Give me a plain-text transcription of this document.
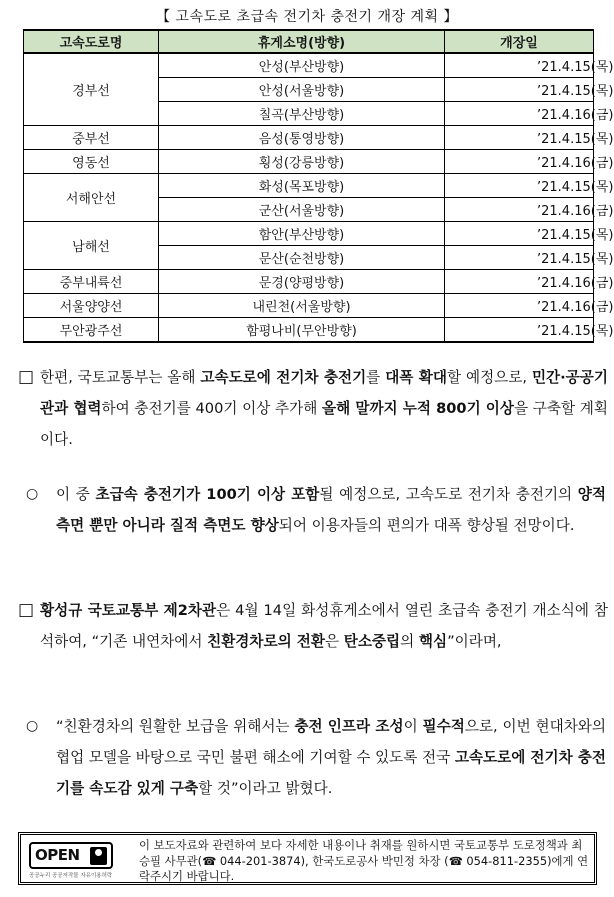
【 고속도로 초급속 전기차 충전기 개장 계획 】
고속도로명	휴게소명(방향)	개장일
경부선	안성(부산방향)	’21.4.15(목)
	안성(서울방향)	’21.4.15(목)
	칠곡(부산방향)	’21.4.16(금)
중부선	음성(통영방향)	’21.4.15(목)
영동선	횡성(강릉방향)	’21.4.16(금)
서해안선	화성(목포방향)	’21.4.15(목)
	군산(서울방향)	’21.4.16(금)
남해선	함안(부산방향)	’21.4.15(목)
	문산(순천방향)	’21.4.15(목)
중부내륙선	문경(양평방향)	’21.4.16(금)
서울양양선	내린천(서울방향)	’21.4.16(금)
무안광주선	함평나비(무안방향)	’21.4.15(목)
□ 한편, 국토교통부는 올해 고속도로에 전기차 충전기를 대폭 확대할 예정으로, 민간·공공기관과 협력하여 충전기를 400기 이상 추가해 올해 말까지 누적 800기 이상을 구축할 계획이다.
○	이 중 초급속 충전기가 100기 이상 포함될 예정으로, 고속도로 전기차 충전기의 양적 측면 뿐만 아니라 질적 측면도 향상되어 이용자들의 편의가 대폭 향상될 전망이다.
□ 황성규 국토교통부 제2차관은 4월 14일 화성휴게소에서 열린 초급속 충전기 개소식에 참석하여, “기존 내연차에서 친환경차로의 전환은 탄소중립의 핵심”이라며,
○	“친환경차의 원활한 보급을 위해서는 충전 인프라 조성이 필수적으로, 이번 현대차와의 협업 모델을 바탕으로 국민 불편 해소에 기여할 수 있도록 전국 고속도로에 전기차 충전기를 속도감 있게 구축할 것”이라고 밝혔다.
OPEN
공공누리 공공저작물 자유이용허락
이 보도자료와 관련하여 보다 자세한 내용이나 취재를 원하시면 국토교통부 도로정책과 최승필 사무관(☎ 044-201-3874), 한국도로공사 박민정 차장 (☎ 054-811-2355)에게 연락주시기 바랍니다.
